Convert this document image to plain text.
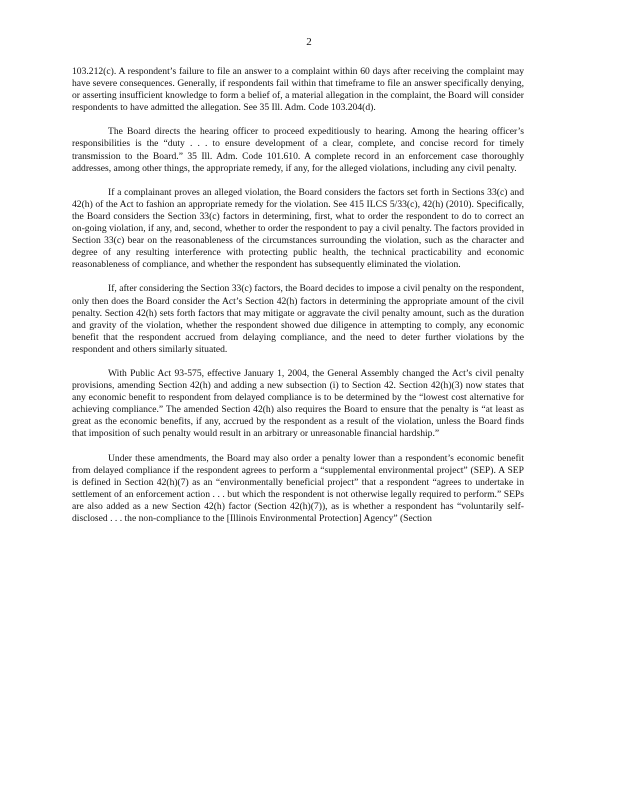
2

103.212(c). A respondent’s failure to file an answer to a complaint within 60 days after receiving the complaint may have severe consequences. Generally, if respondents fail within that timeframe to file an answer specifically denying, or asserting insufficient knowledge to form a belief of, a material allegation in the complaint, the Board will consider respondents to have admitted the allegation. See 35 Ill. Adm. Code 103.204(d).

The Board directs the hearing officer to proceed expeditiously to hearing. Among the hearing officer’s responsibilities is the “duty . . . to ensure development of a clear, complete, and concise record for timely transmission to the Board.” 35 Ill. Adm. Code 101.610. A complete record in an enforcement case thoroughly addresses, among other things, the appropriate remedy, if any, for the alleged violations, including any civil penalty.

If a complainant proves an alleged violation, the Board considers the factors set forth in Sections 33(c) and 42(h) of the Act to fashion an appropriate remedy for the violation. See 415 ILCS 5/33(c), 42(h) (2010). Specifically, the Board considers the Section 33(c) factors in determining, first, what to order the respondent to do to correct an on-going violation, if any, and, second, whether to order the respondent to pay a civil penalty. The factors provided in Section 33(c) bear on the reasonableness of the circumstances surrounding the violation, such as the character and degree of any resulting interference with protecting public health, the technical practicability and economic reasonableness of compliance, and whether the respondent has subsequently eliminated the violation.

If, after considering the Section 33(c) factors, the Board decides to impose a civil penalty on the respondent, only then does the Board consider the Act’s Section 42(h) factors in determining the appropriate amount of the civil penalty. Section 42(h) sets forth factors that may mitigate or aggravate the civil penalty amount, such as the duration and gravity of the violation, whether the respondent showed due diligence in attempting to comply, any economic benefit that the respondent accrued from delaying compliance, and the need to deter further violations by the respondent and others similarly situated.

With Public Act 93-575, effective January 1, 2004, the General Assembly changed the Act’s civil penalty provisions, amending Section 42(h) and adding a new subsection (i) to Section 42. Section 42(h)(3) now states that any economic benefit to respondent from delayed compliance is to be determined by the “lowest cost alternative for achieving compliance.” The amended Section 42(h) also requires the Board to ensure that the penalty is “at least as great as the economic benefits, if any, accrued by the respondent as a result of the violation, unless the Board finds that imposition of such penalty would result in an arbitrary or unreasonable financial hardship.”

Under these amendments, the Board may also order a penalty lower than a respondent’s economic benefit from delayed compliance if the respondent agrees to perform a “supplemental environmental project” (SEP). A SEP is defined in Section 42(h)(7) as an “environmentally beneficial project” that a respondent “agrees to undertake in settlement of an enforcement action . . . but which the respondent is not otherwise legally required to perform.” SEPs are also added as a new Section 42(h) factor (Section 42(h)(7)), as is whether a respondent has “voluntarily self-disclosed . . . the non-compliance to the [Illinois Environmental Protection] Agency” (Section
